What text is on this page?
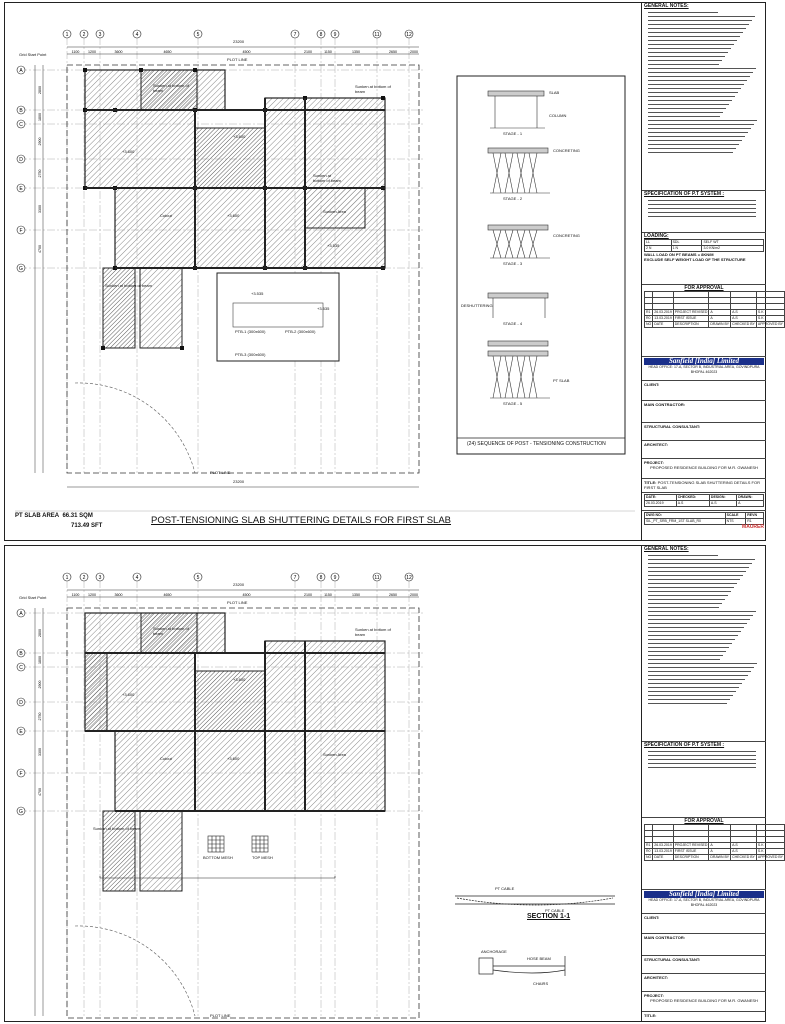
1
1100
2
1200
3
3600
4
4650
5
4500
7
2100
8
1150
9
1350
11
2650
12
2000
A
2800
B
1800
C
2900
D
2750
E
3300
F
4700
G
Grid Start Point
PLOT LINE
PLOT LINE
23200
23200
Sunken at bottom of beam
Sunken at bottom of beam
Sunken at bottom of beam
Sunken at bottom of beam
Cutout
Sunken Area
+3.600
+3.600
+3.600
+3.535
+3.535
+3.535
PTB-1 (300x600)	PTB-2 (300x600)
PTB-3 (300x600)
PT SLAB AREA 66.31 SQM
713.49 SFT	POST-TENSIONING SLAB SHUTTERING DETAILS FOR FIRST SLAB
(24) SEQUENCE OF POST - TENSIONING CONSTRUCTION
STAGE - 1
STAGE - 2
STAGE - 3
STAGE - 4
STAGE - 5
SLAB
COLUMN
CONCRETING
CONCRETING
DESHUTTERING
PT SLAB
GENERAL NOTES:
SPECIFICATION OF P.T SYSTEM :
LOADING:
LL	SDL	SELF WT
2 N	1 N	3.0 KN/m2
WALL LOAD ON PT BEAMS = 8KN/M
EXCLUDE SELF WEIGHT LOAD OF THE STRUCTURE
FOR APPROVAL

R1	26.03.2019	PROJECT REVISED	A	A.S	S.K
R0	13.03.2019	FIRST ISSUE	A	A.S	S.K
NO	DATE	DESCRIPTION	DRAWN BY	CHECKED BY	APPROVED BY
Sanfield [India] Limited
HEAD OFFICE: 17-A, SECTOR B, INDUSTRIAL AREA, GOVINDPURA BHOPAL 462023
CLIENT:
MAIN CONTRACTOR:
STRUCTURAL CONSULTANT:
ARCHITECT:
PROJECT:
PROPOSED RESIDENCE BUILDING FOR M.R. GWANESH
TITLE: POST-TENSIONING SLAB SHUTTERING DETAILS FOR FIRST SLAB
DATE:	CHECKED:	DESIGN:	DRAWN:
26.03.2019	A.S	A.S	A
DWG NO:	SCALE	REVN
SIL_PT_SRB_FRM_1ST SLAB_R0	NTS	R1
MAURER
1
1100
2
1200
3
3600
4
4650
5
4500
7
2100
8
1150
9
1350
11
2650
12
2000
A
2800
B
1800
C
2900
D
2750
E
3300
F
4700
G
Grid Start Point
PLOT LINE
PLOT LINE
23200
Sunken at bottom of beam
Sunken at bottom of beam
Sunken at bottom of beam
Cutout
Sunken Area
+3.600
+3.600
+3.600
BOTTOM MESH	TOP MESH
SECTION 1-1
PT CABLE
PT CABLE
ANCHORAGE
HOSE BEAM
CHAIRS
GENERAL NOTES:
SPECIFICATION OF P.T SYSTEM :
FOR APPROVAL

R1	26.03.2019	PROJECT REVISED	A	A.S	S.K
R0	13.03.2019	FIRST ISSUE	A	A.S	S.K
NO	DATE	DESCRIPTION	DRAWN BY	CHECKED BY	APPROVED BY
Sanfield [India] Limited
HEAD OFFICE: 17-A, SECTOR B, INDUSTRIAL AREA, GOVINDPURA BHOPAL 462023
CLIENT:
MAIN CONTRACTOR:
STRUCTURAL CONSULTANT:
ARCHITECT:
PROJECT:
PROPOSED RESIDENCE BUILDING FOR M.R. GWANESH
TITLE:
